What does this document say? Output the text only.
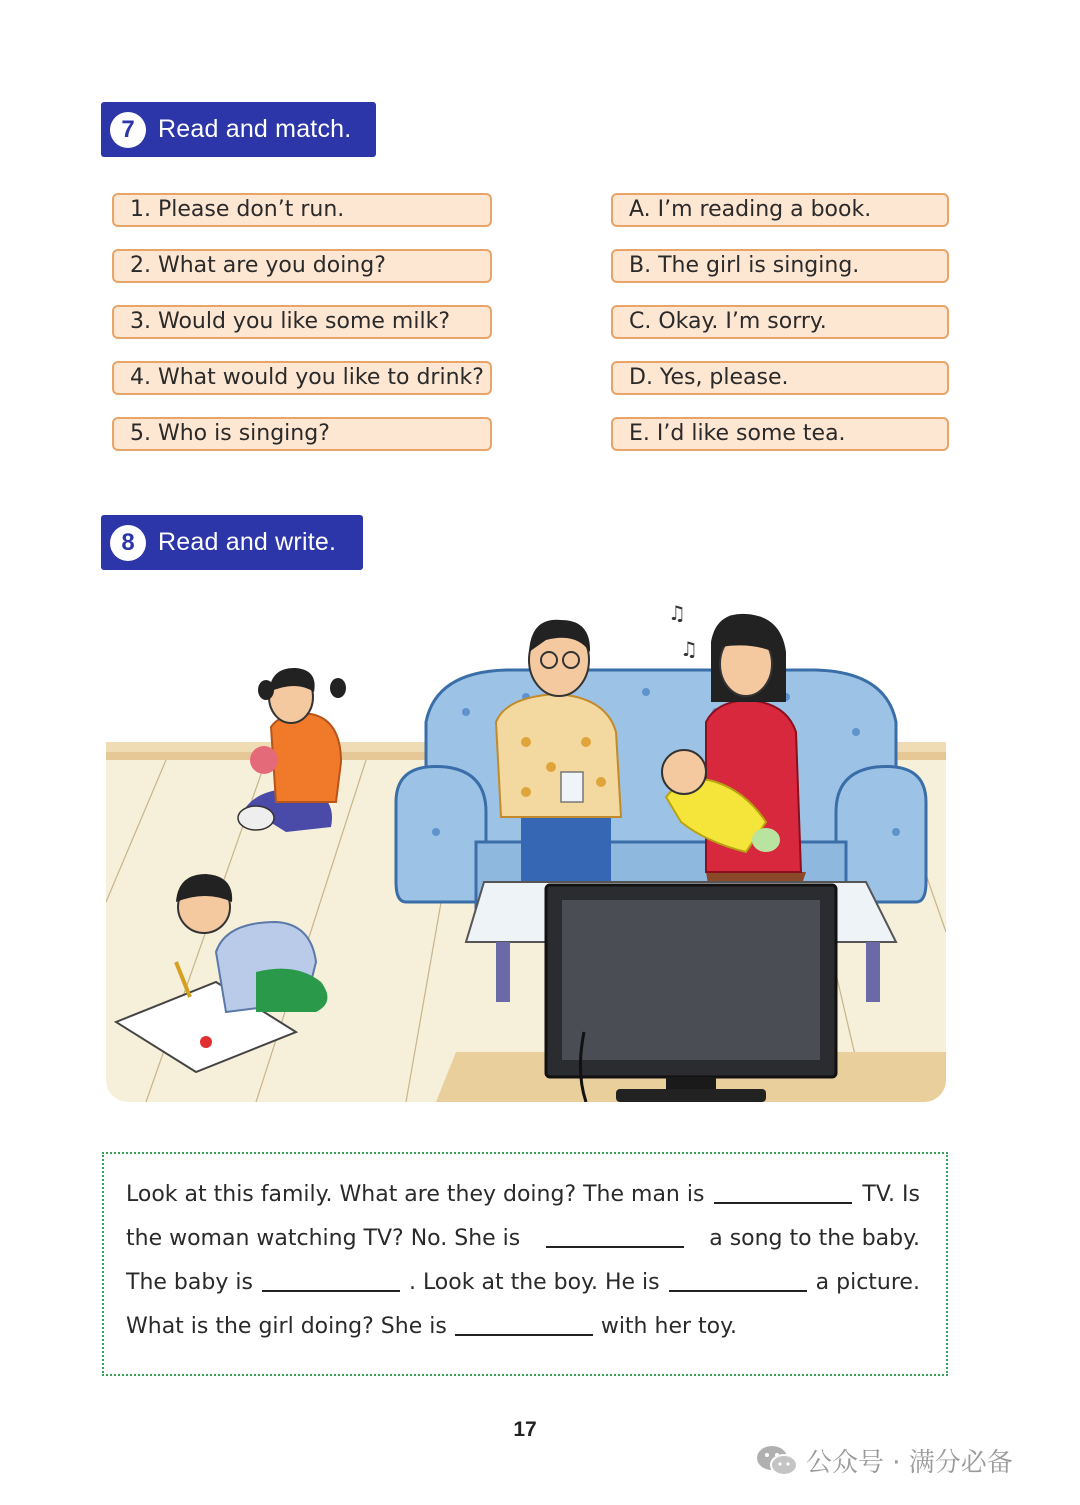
7 Read and match.
1. Please don’t run.
2. What are you doing?
3. Would you like some milk?
4. What would you like to drink?
5. Who is singing?
A. I’m reading a book.
B. The girl is singing.
C. Okay. I’m sorry.
D. Yes, please.
E. I’d like some tea.
8 Read and write.
♫
♫
Look at this family. What are they doing? The man is	TV. Is
the woman watching TV? No. She is	a song to the baby.
The baby is	. Look at the boy. He is	a picture.
What is the girl doing? She is	with her toy.
17
公众号 · 满分必备
